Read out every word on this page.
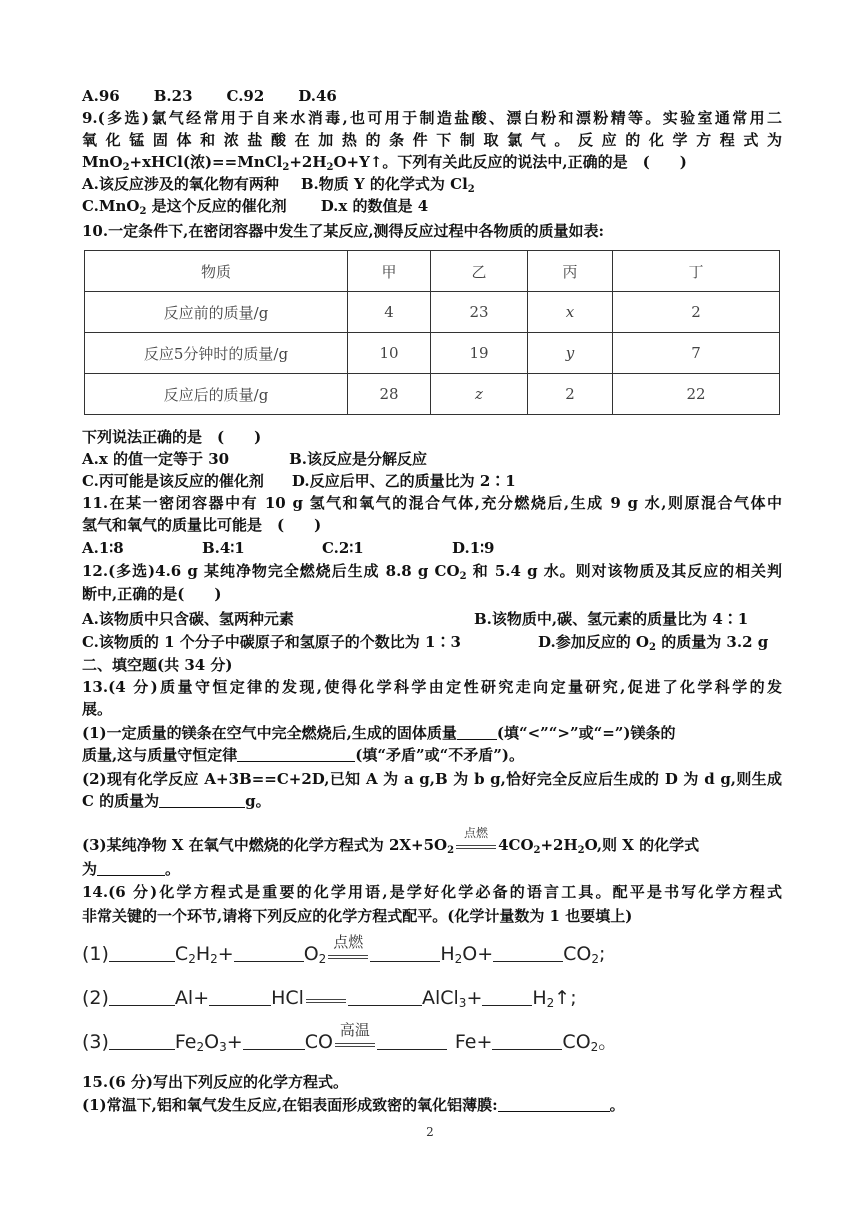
A.96 B.23 C.92 D.46
9.(多选)氯气经常用于自来水消毒,也可用于制造盐酸、漂白粉和漂粉精等。实验室通常用二
氧化锰固体和浓盐酸在加热的条件下制取氯气。反应的化学方程式为
MnO$_2$+xHCl(浓)$==MnCl_2+2H_2O+Y↑$。下列有关此反应的说法中,正确的是　(　　)
A.该反应涉及的氧化物有两种 B.物质 Y 的化学式为 $Cl_2$
C.MnO$_2$ 是这个反应的催化剂 D.x 的数值是 4
10.一定条件下,在密闭容器中发生了某反应,测得反应过程中各物质的质量如表:
物质	甲	乙	丙	丁
反应前的质量/g	4	23	x	2
反应5分钟时的质量/g	10	19	y	7
反应后的质量/g	28	z	2	22
下列说法正确的是　(　　)
A.x 的值一定等于 30	B.该反应是分解反应
C.丙可能是该反应的催化剂 D.反应后甲、乙的质量比为 2∶1
11.在某一密闭容器中有 10 g 氢气和氧气的混合气体,充分燃烧后,生成 9 g 水,则原混合气体中
氢气和氧气的质量比可能是　(　　)
A.1∶8	B.4∶1	C.2∶1	D.1∶9
12.(多选)4.6 g 某纯净物完全燃烧后生成 8.8 g $CO_2$ 和 5.4 g 水。则对该物质及其反应的相关判
断中,正确的是(　　)
A.该物质中只含碳、氢两种元素	B.该物质中,碳、氢元素的质量比为 4∶1
C.该物质的 1 个分子中碳原子和氢原子的个数比为 1∶3	D.参加反应的 $O_2$ 的质量为 3.2 g
二、填空题(共 34 分)
13.(4 分)质量守恒定律的发现,使得化学科学由定性研究走向定量研究,促进了化学科学的发
展。
(1)一定质量的镁条在空气中完全燃烧后,生成的固体质量	(填“<”“>”或“=”)镁条的
质量,这与质量守恒定律	(填“矛盾”或“不矛盾”)。
(2)现有化学反应 A+3B==C+2D,已知 A 为 a g,B 为 b g,恰好完全反应后生成的 D 为 d g,则生成
C 的质量为	g。
(3)某纯净物 X 在氧气中燃烧的化学方程式为 $2X+5O_2$
点燃
$4CO_2+2H_2O$,则 X 的化学式
为	。
14.(6 分)化学方程式是重要的化学用语,是学好化学必备的语言工具。配平是书写化学方程式
非常关键的一个环节,请将下列反应的化学方程式配平。(化学计量数为 1 也要填上)
(1)	$C_2H_2+$	$O_2$
点燃
$H_2O+$	$CO_2$;
(2)	Al+	HCl	AlCl$_3$+	$H_2↑$;
(3)	$Fe_2O_3+$	CO
高温
Fe+	$CO_2$。
15.(6 分)写出下列反应的化学方程式。
(1)常温下,铝和氧气发生反应,在铝表面形成致密的氧化铝薄膜:	。
2
